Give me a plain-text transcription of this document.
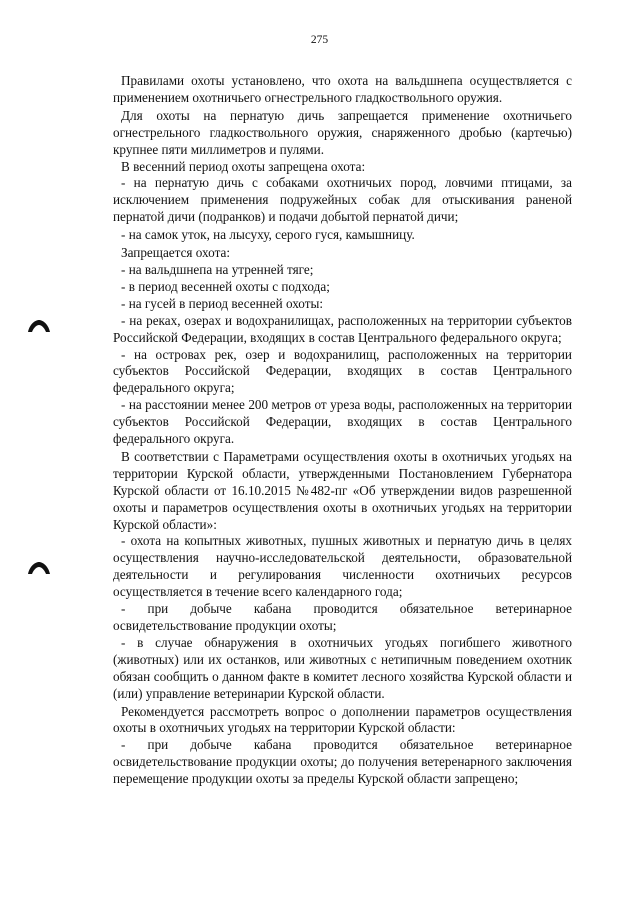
275

Правилами охоты установлено, что охота на вальдшнепа осуществляется с применением охотничьего огнестрельного гладкоствольного оружия.

Для охоты на пернатую дичь запрещается применение охотничьего огнестрельного гладкоствольного оружия, снаряженного дробью (картечью) крупнее пяти миллиметров и пулями.

В весенний период охоты запрещена охота:

- на пернатую дичь с собаками охотничьих пород, ловчими птицами, за исключением применения подружейных собак для отыскивания раненой пернатой дичи (подранков) и подачи добытой пернатой дичи;

- на самок уток, на лысуху, серого гуся, камышницу.

Запрещается охота:

- на вальдшнепа на утренней тяге;

- в период весенней охоты с подхода;

- на гусей в период весенней охоты:

- на реках, озерах и водохранилищах, расположенных на территории субъектов Российской Федерации, входящих в состав Центрального федерального округа;

- на островах рек, озер и водохранилищ, расположенных на территории субъектов Российской Федерации, входящих в состав Центрального федерального округа;

- на расстоянии менее 200 метров от уреза воды, расположенных на территории субъектов Российской Федерации, входящих в состав Центрального федерального округа.

В соответствии с Параметрами осуществления охоты в охотничьих угодьях на территории Курской области, утвержденными Постановлением Губернатора Курской области от 16.10.2015 №482-пг «Об утверждении видов разрешенной охоты и параметров осуществления охоты в охотничьих угодьях на территории Курской области»:

- охота на копытных животных, пушных животных и пернатую дичь в целях осуществления научно-исследовательской деятельности, образовательной деятельности и регулирования численности охотничьих ресурсов осуществляется в течение всего календарного года;

- при добыче кабана проводится обязательное ветеринарное освидетельствование продукции охоты;

- в случае обнаружения в охотничьих угодьях погибшего животного (животных) или их останков, или животных с нетипичным поведением охотник обязан сообщить о данном факте в комитет лесного хозяйства Курской области и (или) управление ветеринарии Курской области.

Рекомендуется рассмотреть вопрос о дополнении параметров осуществления охоты в охотничьих угодьях на территории Курской области:

- при добыче кабана проводится обязательное ветеринарное освидетельствование продукции охоты; до получения ветеренарного заключения перемещение продукции охоты за пределы Курской области запрещено;
